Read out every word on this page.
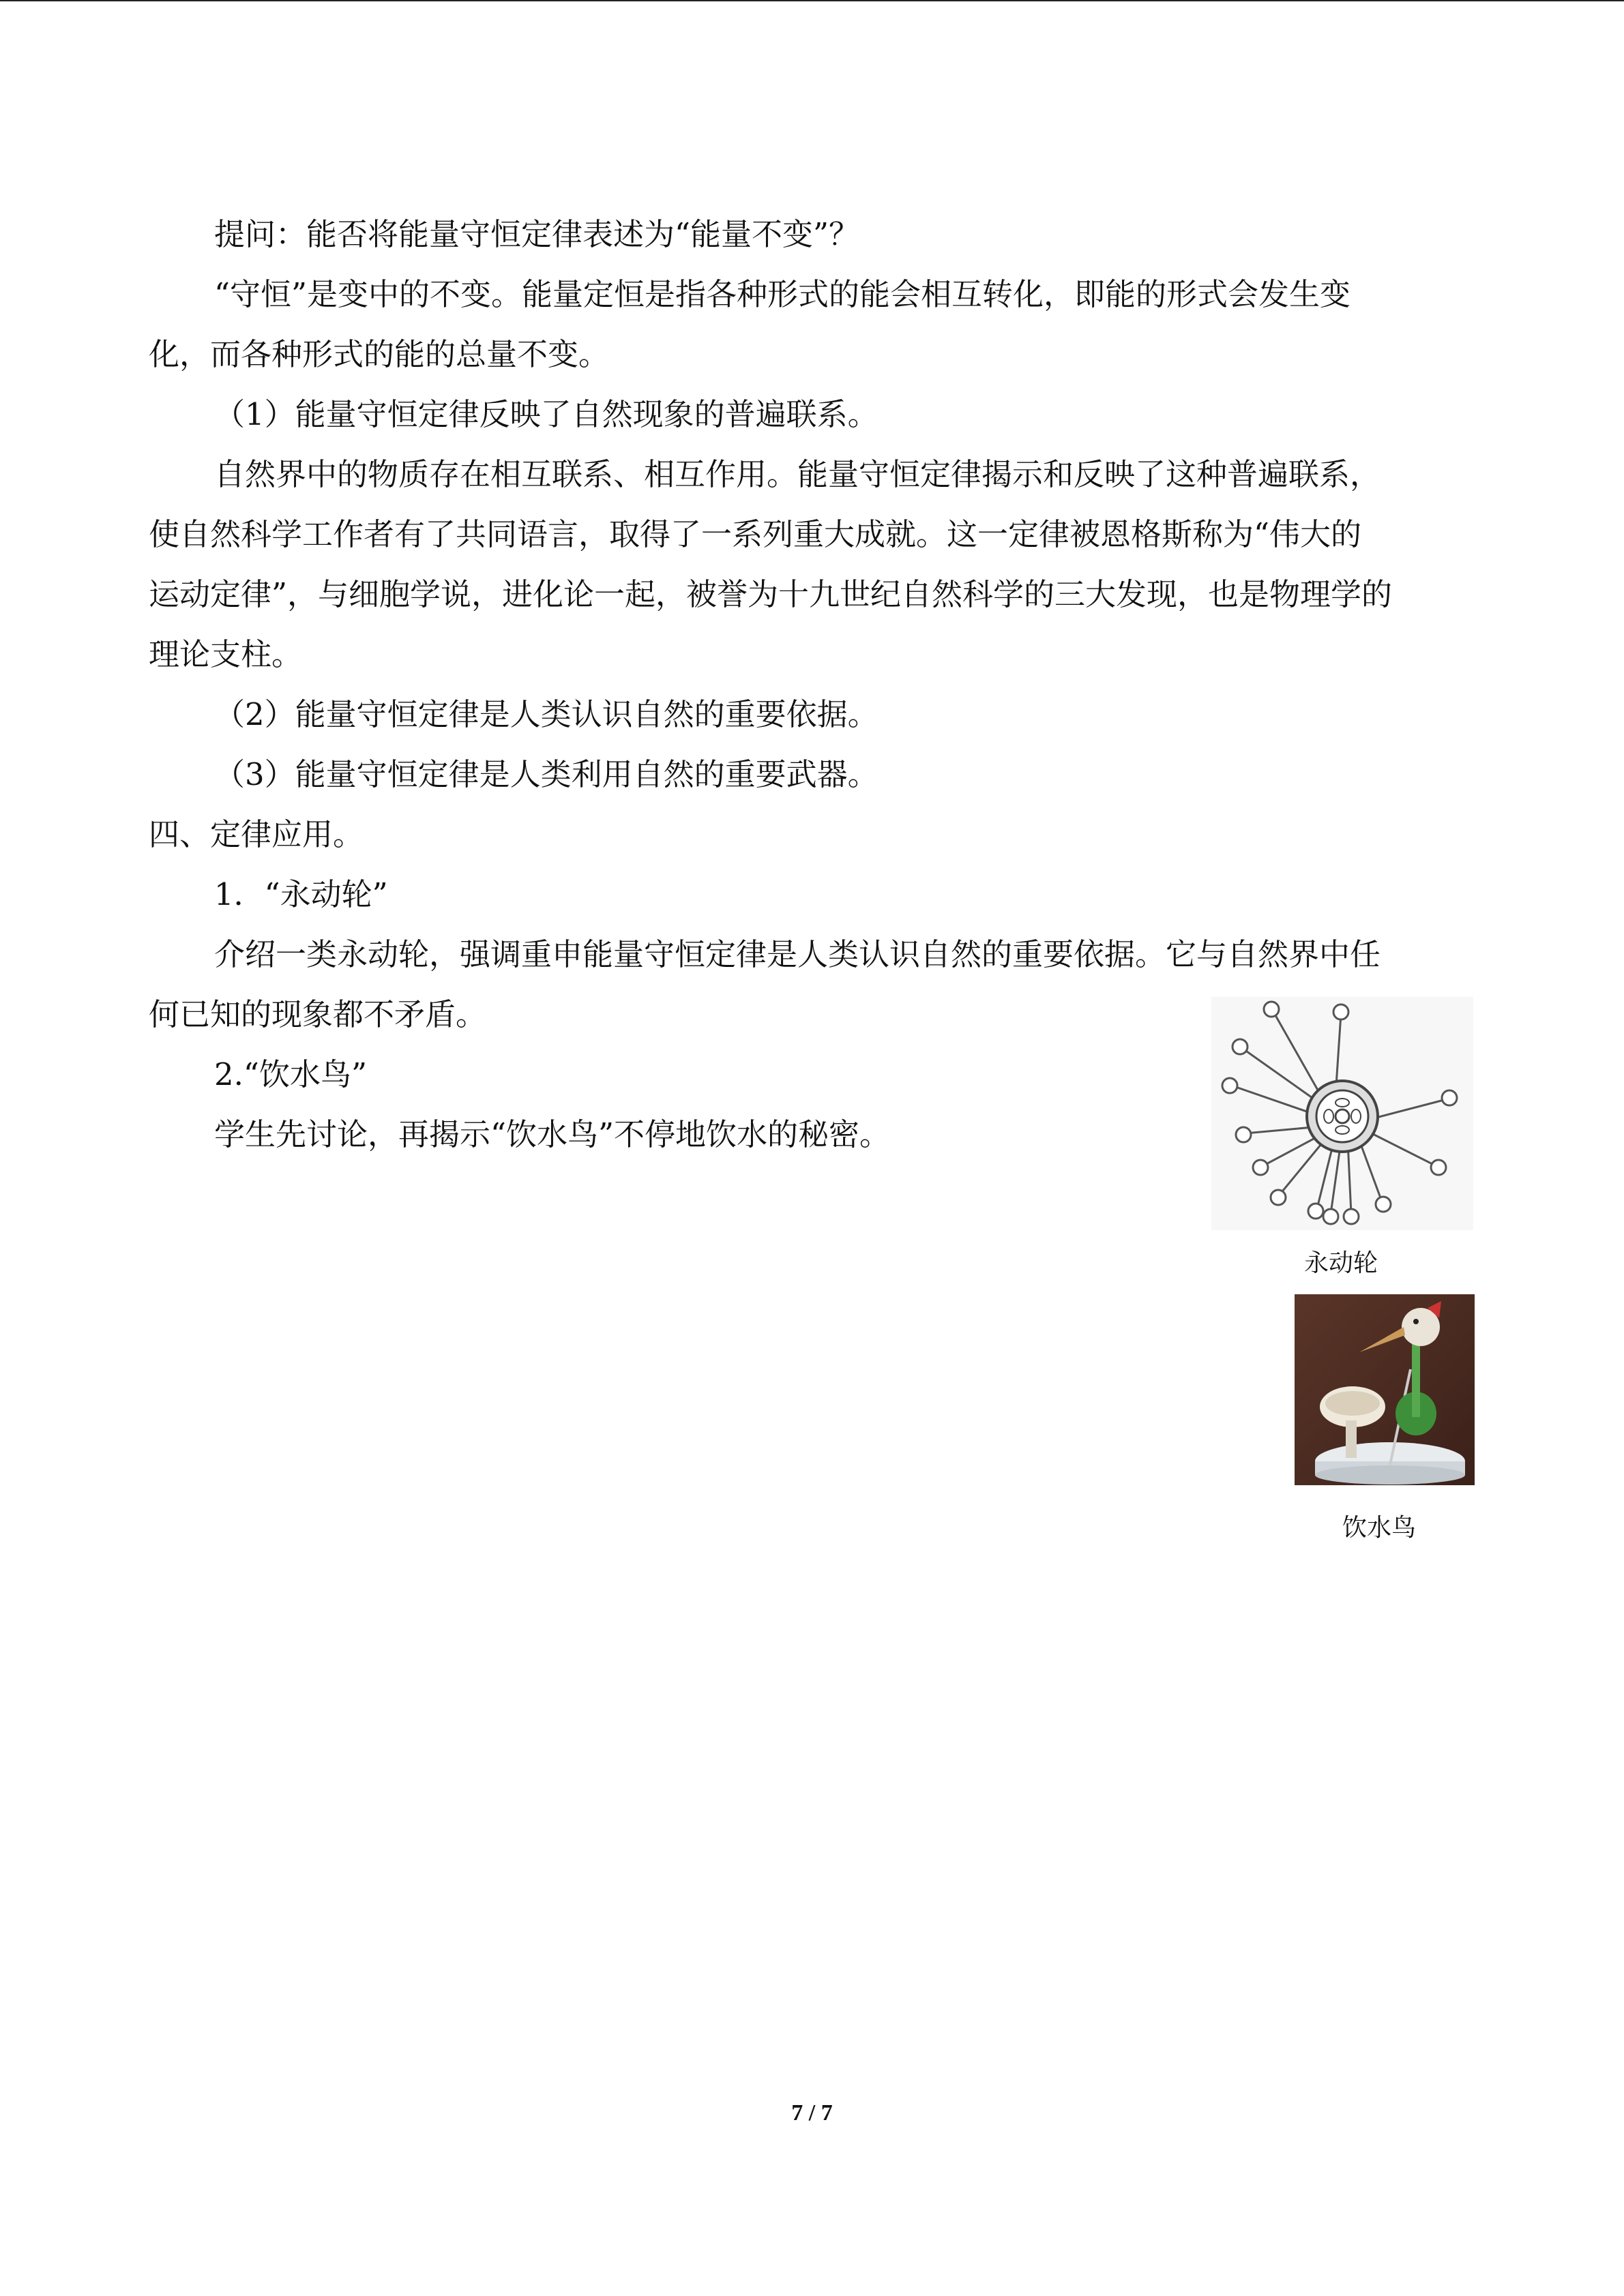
提问：能否将能量守恒定律表述为“能量不变”？

“守恒”是变中的不变。能量定恒是指各种形式的能会相互转化，即能的形式会发生变

化，而各种形式的能的总量不变。

（1）能量守恒定律反映了自然现象的普遍联系。

自然界中的物质存在相互联系、相互作用。能量守恒定律揭示和反映了这种普遍联系，

使自然科学工作者有了共同语言，取得了一系列重大成就。这一定律被恩格斯称为“伟大的

运动定律”，与细胞学说，进化论一起，被誉为十九世纪自然科学的三大发现，也是物理学的

理论支柱。

（2）能量守恒定律是人类认识自然的重要依据。

（3）能量守恒定律是人类利用自然的重要武器。

四、定律应用。

1．“永动轮”

介绍一类永动轮，强调重申能量守恒定律是人类认识自然的重要依据。它与自然界中任

何已知的现象都不矛盾。

2.“饮水鸟”

学生先讨论，再揭示“饮水鸟”不停地饮水的秘密。

永动轮
饮水鸟
7 / 7
